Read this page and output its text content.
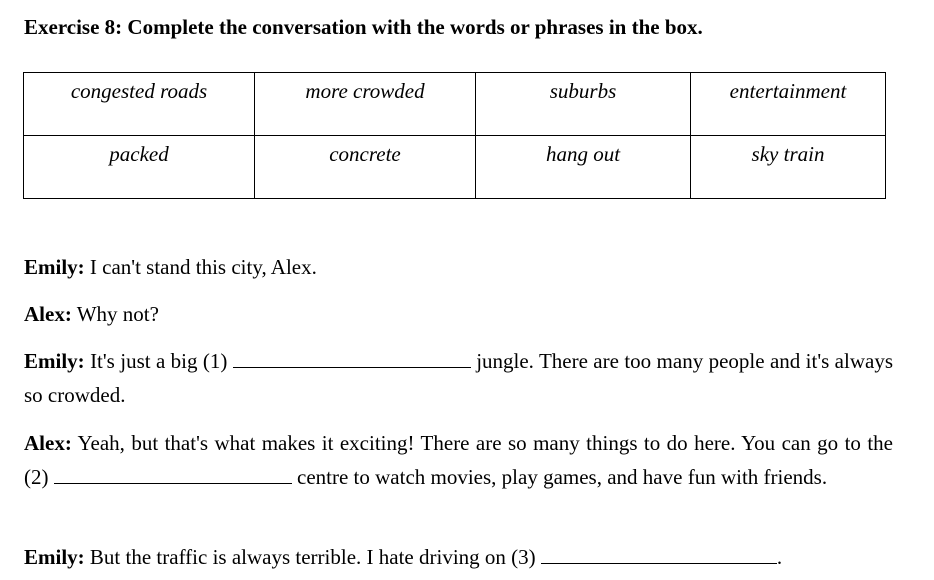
Exercise 8: Complete the conversation with the words or phrases in the box.
congested roads	more crowded	suburbs	entertainment
packed	concrete	hang out	sky train
Emily: I can't stand this city, Alex.
Alex: Why not?
Emily: It's just a big (1)	jungle. There are too many people and it's always so crowded.
Alex: Yeah, but that's what makes it exciting! There are so many things to do here. You can go to the (2)	centre to watch movies, play games, and have fun with friends.
Emily: But the traffic is always terrible. I hate driving on (3)	.
